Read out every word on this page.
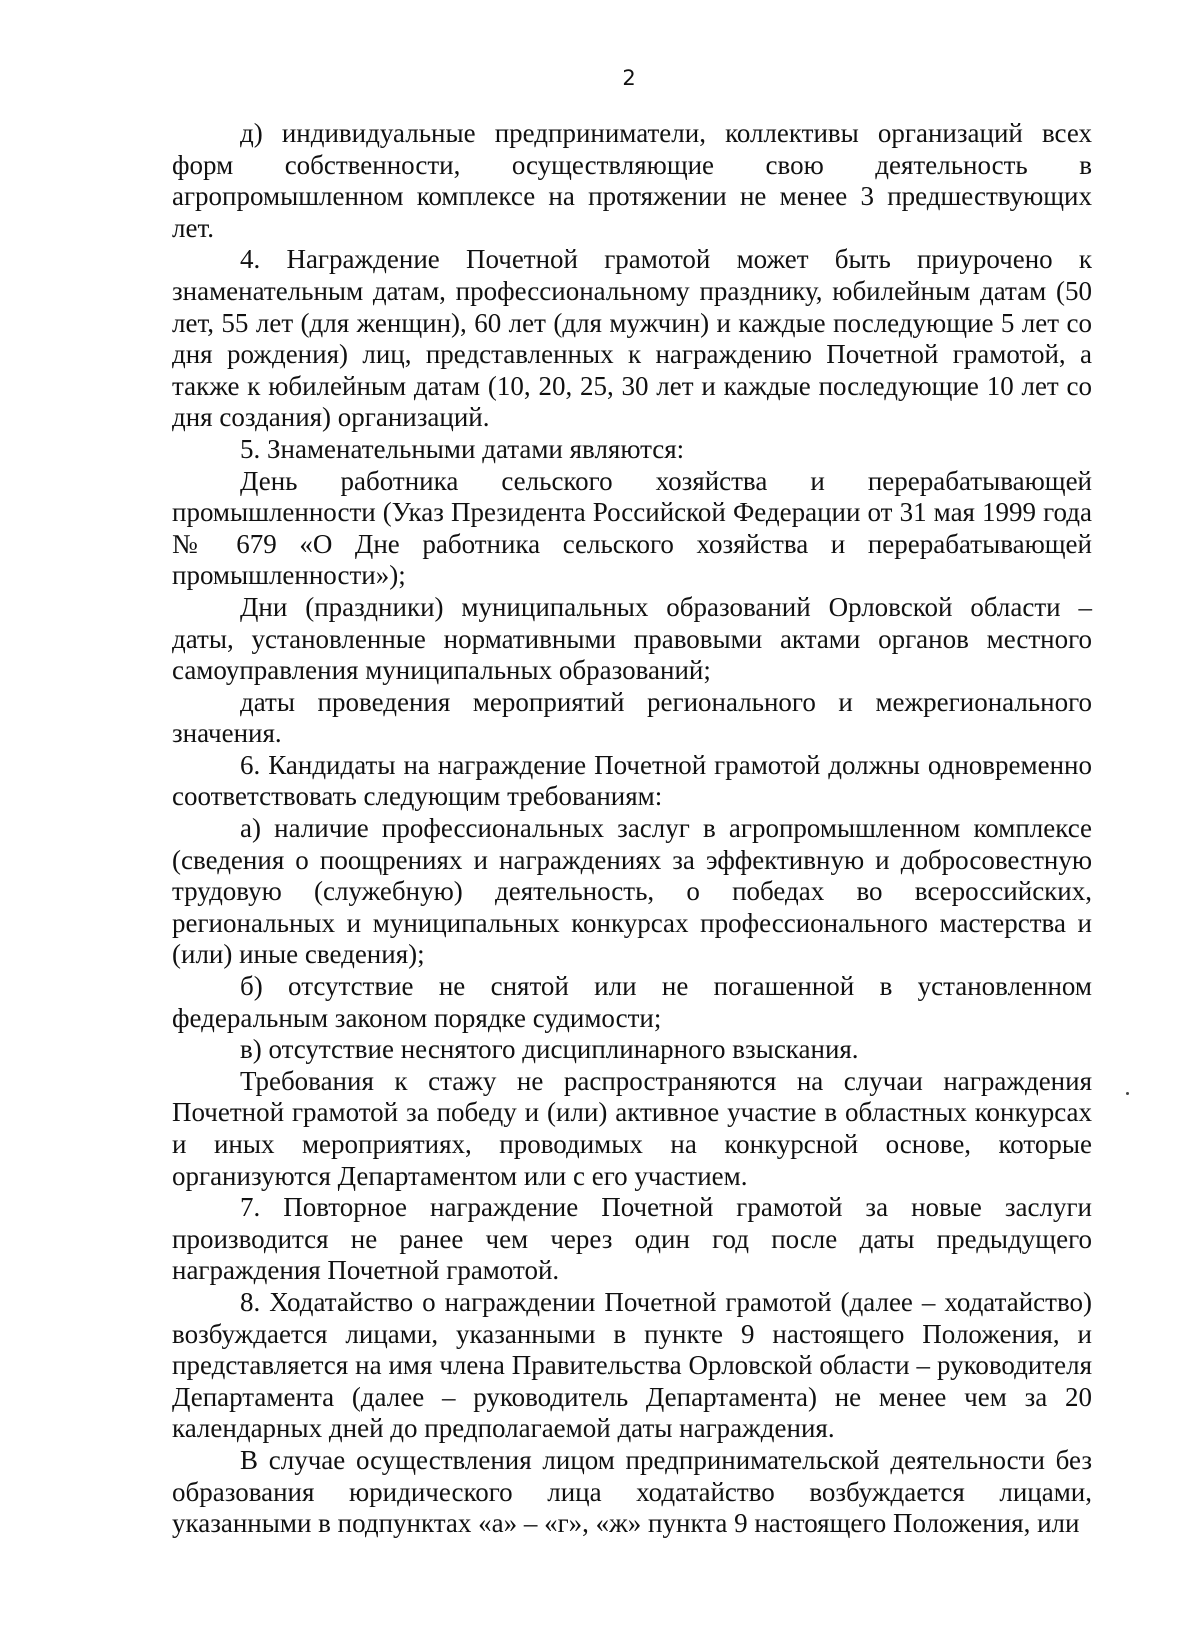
2

д) индивидуальные предприниматели, коллективы организаций всех форм собственности, осуществляющие свою деятельность в агропромышленном комплексе на протяжении не менее 3 предшествующих лет.

4. Награждение Почетной грамотой может быть приурочено к знаменательным датам, профессиональному празднику, юбилейным датам (50 лет, 55 лет (для женщин), 60 лет (для мужчин) и каждые последующие 5 лет со дня рождения) лиц, представленных к награждению Почетной грамотой, а также к юбилейным датам (10, 20, 25, 30 лет и каждые последующие 10 лет со дня создания) организаций.

5. Знаменательными датами являются:

День работника сельского хозяйства и перерабатывающей промышленности (Указ Президента Российской Федерации от 31 мая 1999 года № 679 «О Дне работника сельского хозяйства и перерабатывающей промышленности»);

Дни (праздники) муниципальных образований Орловской области – даты, установленные нормативными правовыми актами органов местного самоуправления муниципальных образований;

даты проведения мероприятий регионального и межрегионального значения.

6. Кандидаты на награждение Почетной грамотой должны одновременно соответствовать следующим требованиям:

а) наличие профессиональных заслуг в агропромышленном комплексе (сведения о поощрениях и награждениях за эффективную и добросовестную трудовую (служебную) деятельность, о победах во всероссийских, региональных и муниципальных конкурсах профессионального мастерства и (или) иные сведения);

б) отсутствие не снятой или не погашенной в установленном федеральным законом порядке судимости;

в) отсутствие неснятого дисциплинарного взыскания.

Требования к стажу не распространяются на случаи награждения Почетной грамотой за победу и (или) активное участие в областных конкурсах и иных мероприятиях, проводимых на конкурсной основе, которые организуются Департаментом или с его участием.

7. Повторное награждение Почетной грамотой за новые заслуги производится не ранее чем через один год после даты предыдущего награждения Почетной грамотой.

8. Ходатайство о награждении Почетной грамотой (далее – ходатайство) возбуждается лицами, указанными в пункте 9 настоящего Положения, и представляется на имя члена Правительства Орловской области – руководителя Департамента (далее – руководитель Департамента) не менее чем за 20 календарных дней до предполагаемой даты награждения.

В случае осуществления лицом предпринимательской деятельности без образования юридического лица ходатайство возбуждается лицами, указанными в подпунктах «а» – «г», «ж» пункта 9 настоящего Положения, или
